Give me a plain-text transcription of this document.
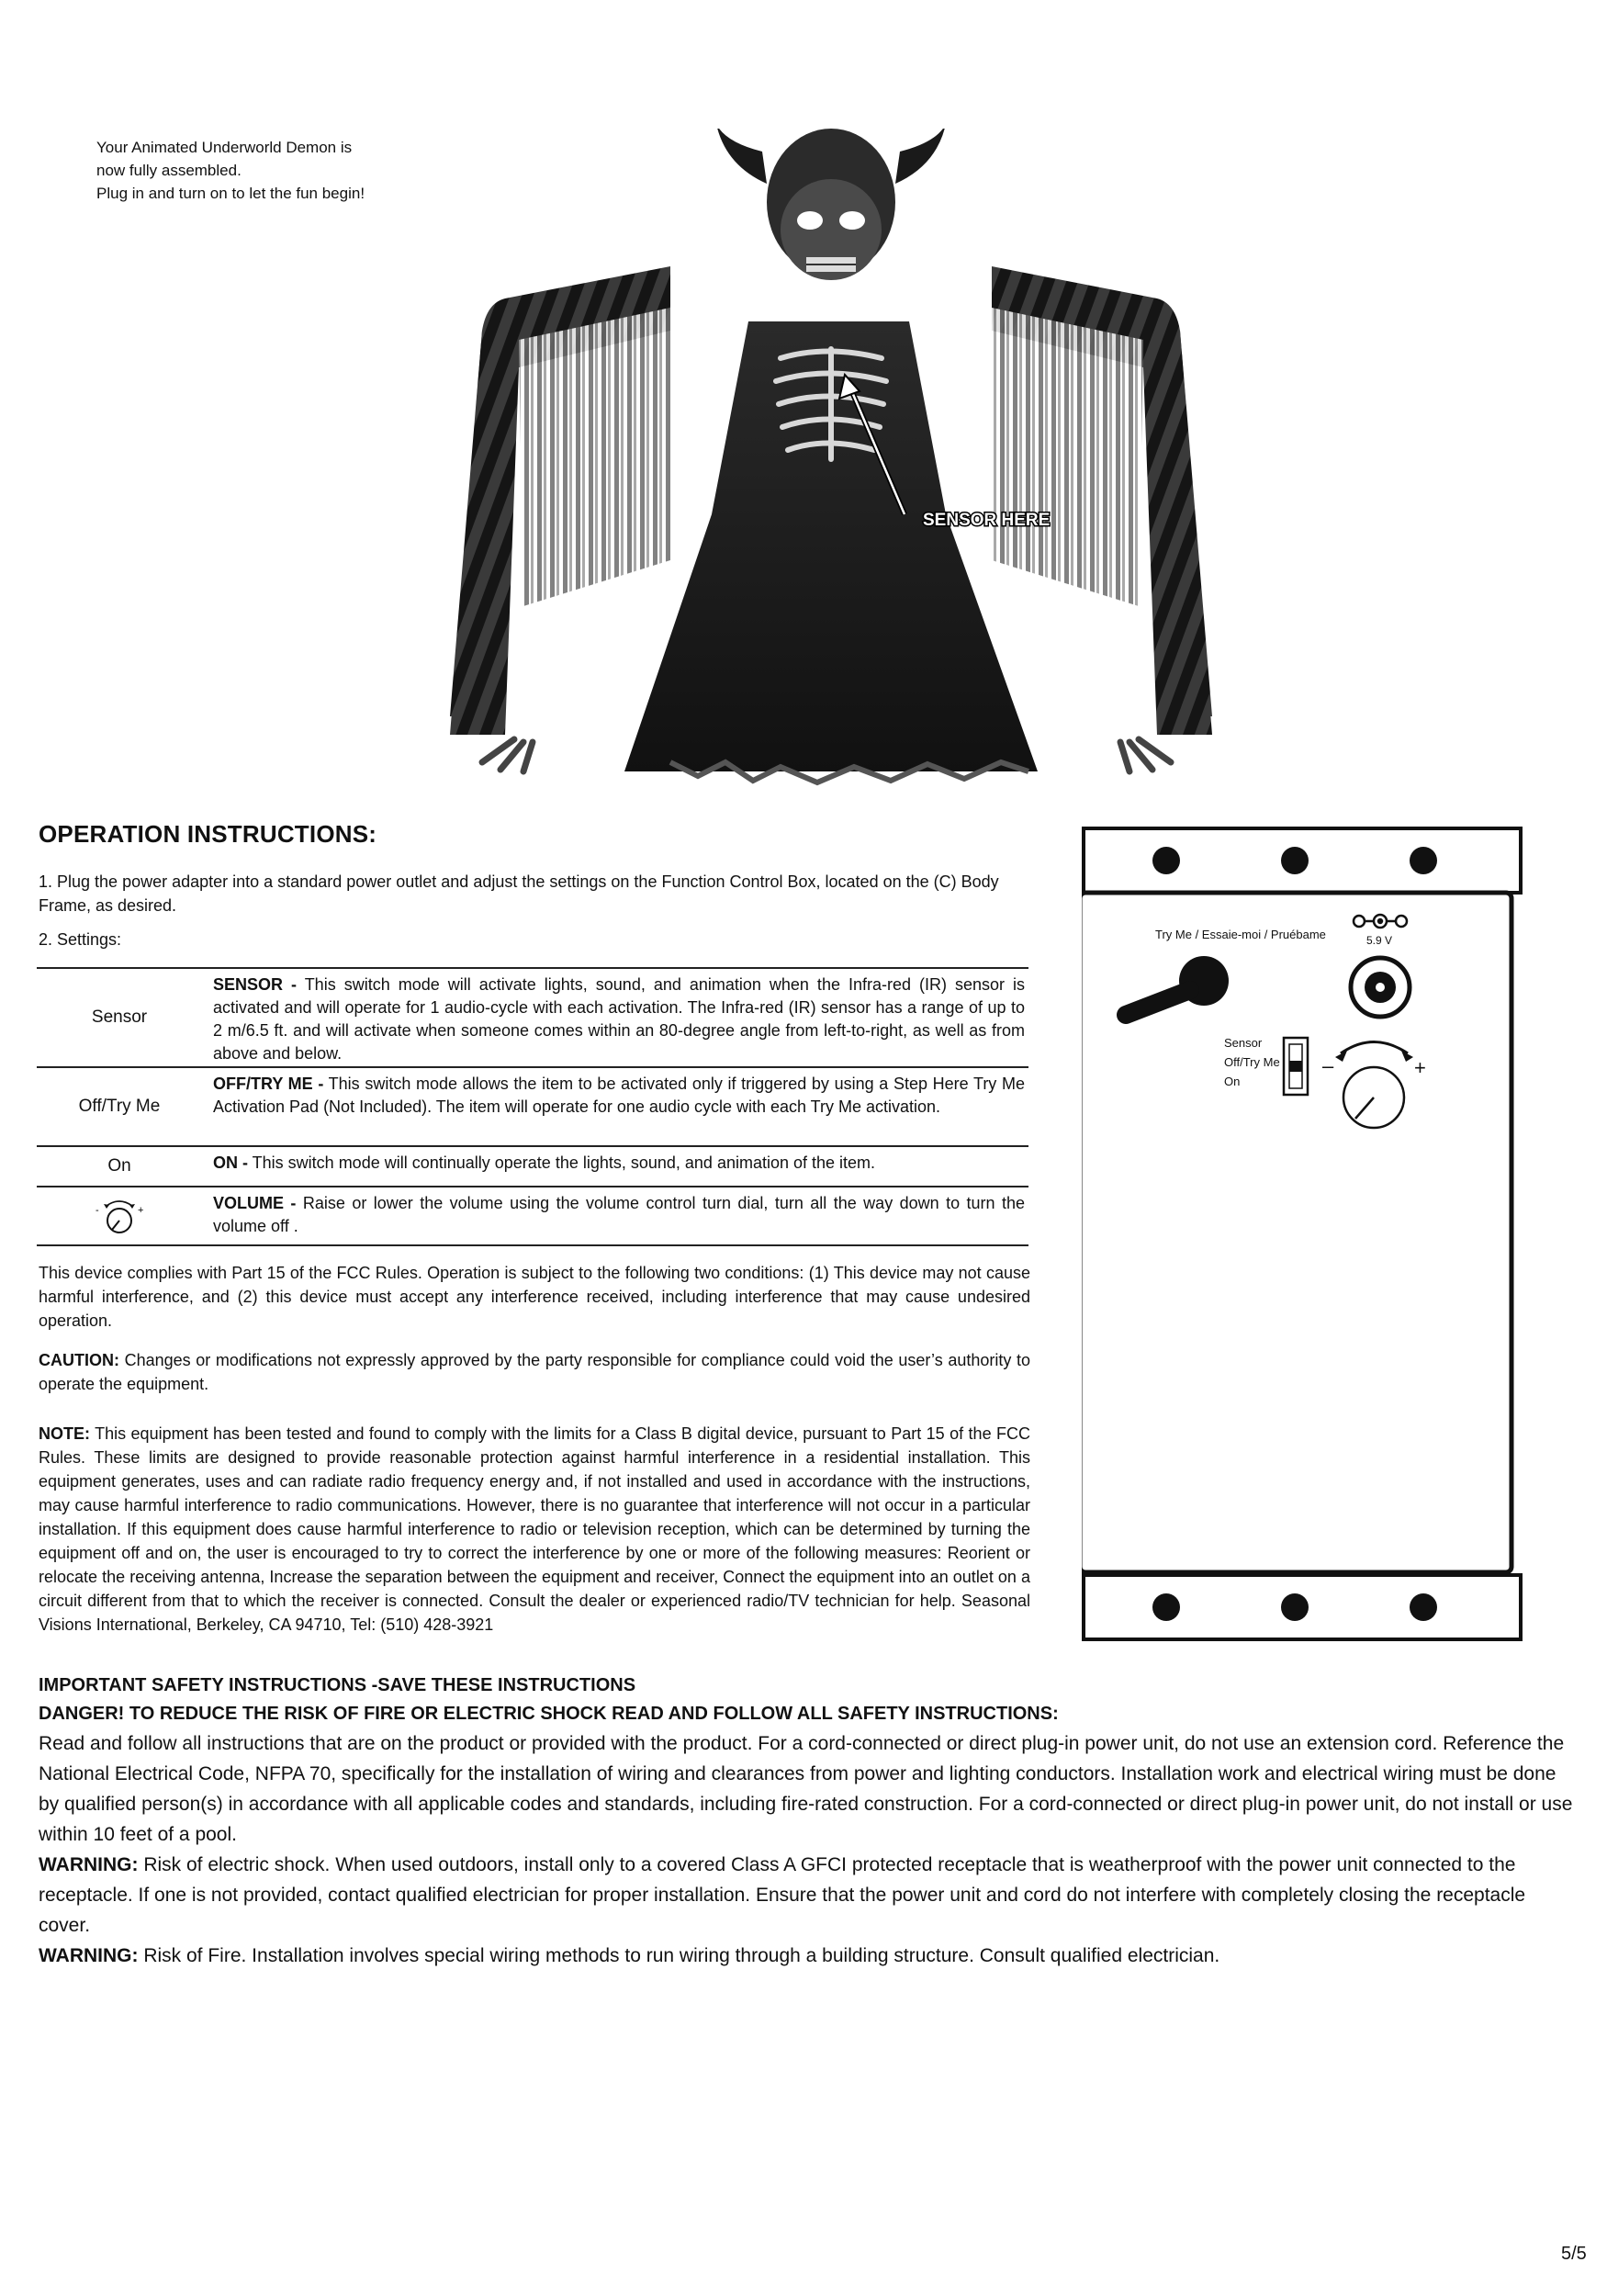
Your Animated Underworld Demon is
now fully assembled.
Plug in and turn on to let the fun begin!
SENSOR HERE
OPERATION INSTRUCTIONS:
1. Plug the power adapter into a standard power outlet and adjust the settings on the Function Control Box, located on the (C) Body Frame, as desired.
2. Settings:
Sensor
SENSOR - This switch mode will activate lights, sound, and animation when the Infra-red (IR) sensor is activated and will operate for 1 audio-cycle with each activation. The Infra-red (IR) sensor has a range of up to 2 m/6.5 ft. and will activate when someone comes within an 80-degree angle from left-to-right, as well as from above and below.
Off/Try Me
OFF/TRY ME - This switch mode allows the item to be activated only if triggered by using a Step Here Try Me Activation Pad (Not Included). The item will operate for one audio cycle with each Try Me activation.
On	ON - This switch mode will continually operate the lights, sound, and animation of the item.
-	+	VOLUME - Raise or lower the volume using the volume control turn dial, turn all the way down to turn the volume off .
This device complies with Part 15 of the FCC Rules. Operation is subject to the following two conditions: (1) This device may not cause harmful interference, and (2) this device must accept any interference received, including interference that may cause undesired operation.
CAUTION: Changes or modifications not expressly approved by the party responsible for compliance could void the user’s authority to operate the equipment.
NOTE: This equipment has been tested and found to comply with the limits for a Class B digital device, pursuant to Part 15 of the FCC Rules. These limits are designed to provide reasonable protection against harmful interference in a residential installation. This equipment generates, uses and can radiate radio frequency energy and, if not installed and used in accordance with the instructions, may cause harmful interference to radio communications. However, there is no guarantee that interference will not occur in a particular installation. If this equipment does cause harmful interference to radio or television reception, which can be determined by turning the equipment off and on, the user is encouraged to try to correct the interference by one or more of the following measures: Reorient or relocate the receiving antenna, Increase the separation between the equipment and receiver, Connect the equipment into an outlet on a circuit different from that to which the receiver is connected. Consult the dealer or experienced radio/TV technician for help. Seasonal Visions International, Berkeley, CA 94710, Tel: (510) 428-3921
IMPORTANT SAFETY INSTRUCTIONS -SAVE THESE INSTRUCTIONS
DANGER! TO REDUCE THE RISK OF FIRE OR ELECTRIC SHOCK READ AND FOLLOW ALL SAFETY INSTRUCTIONS:
Read and follow all instructions that are on the product or provided with the product. For a cord-connected or direct plug-in power unit, do not use an extension cord. Reference the National Electrical Code, NFPA 70, specifically for the installation of wiring and clearances from power and lighting conductors. Installation work and electrical wiring must be done by qualified person(s) in accordance with all applicable codes and standards, including fire-rated construction. For a cord-connected or direct plug-in power unit, do not install or use within 10 feet of a pool.
WARNING: Risk of electric shock. When used outdoors, install only to a covered Class A GFCI protected receptacle that is weatherproof with the power unit connected to the receptacle. If one is not provided, contact qualified electrician for proper installation. Ensure that the power unit and cord do not interfere with completely closing the receptacle cover.
WARNING: Risk of Fire. Installation involves special wiring methods to run wiring through a building structure. Consult qualified electrician.
Try Me / Essaie-moi / Pruébame	5.9 V
Sensor
Off/Try Me
On
–	+
5/5
